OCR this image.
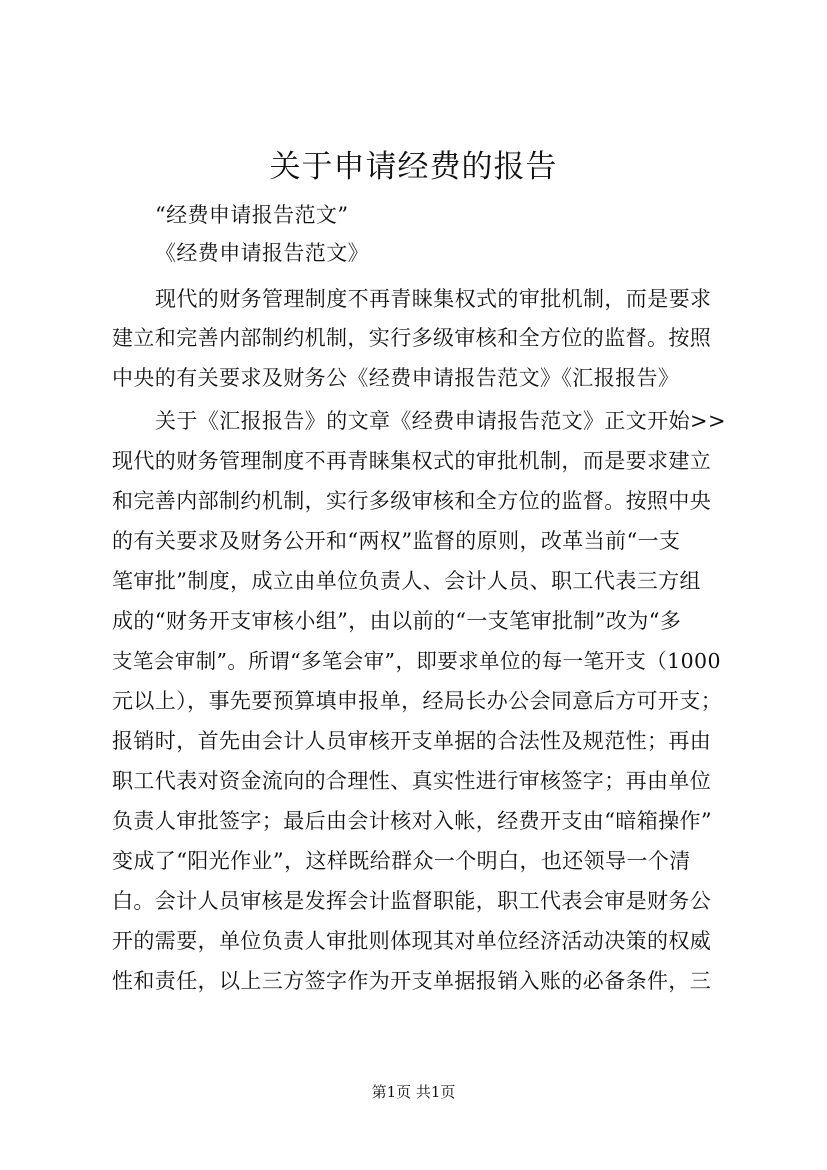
关于申请经费的报告
“经费申请报告范文”
《经费申请报告范文》
现代的财务管理制度不再青睐集权式的审批机制，而是要求
建立和完善内部制约机制，实行多级审核和全方位的监督。按照
中央的有关要求及财务公《经费申请报告范文》《汇报报告》
关于《汇报报告》的文章《经费申请报告范文》正文开始>>
现代的财务管理制度不再青睐集权式的审批机制，而是要求建立
和完善内部制约机制，实行多级审核和全方位的监督。按照中央
的有关要求及财务公开和“两权”监督的原则，改革当前“一支
笔审批”制度，成立由单位负责人、会计人员、职工代表三方组
成的“财务开支审核小组”，由以前的“一支笔审批制”改为“多
支笔会审制”。所谓“多笔会审”，即要求单位的每一笔开支（1000
元以上），事先要预算填申报单，经局长办公会同意后方可开支；
报销时，首先由会计人员审核开支单据的合法性及规范性；再由
职工代表对资金流向的合理性、真实性进行审核签字；再由单位
负责人审批签字；最后由会计核对入帐，经费开支由“暗箱操作”
变成了“阳光作业”，这样既给群众一个明白，也还领导一个清
白。会计人员审核是发挥会计监督职能，职工代表会审是财务公
开的需要，单位负责人审批则体现其对单位经济活动决策的权威
性和责任，以上三方签字作为开支单据报销入账的必备条件，三
第1页 共1页
